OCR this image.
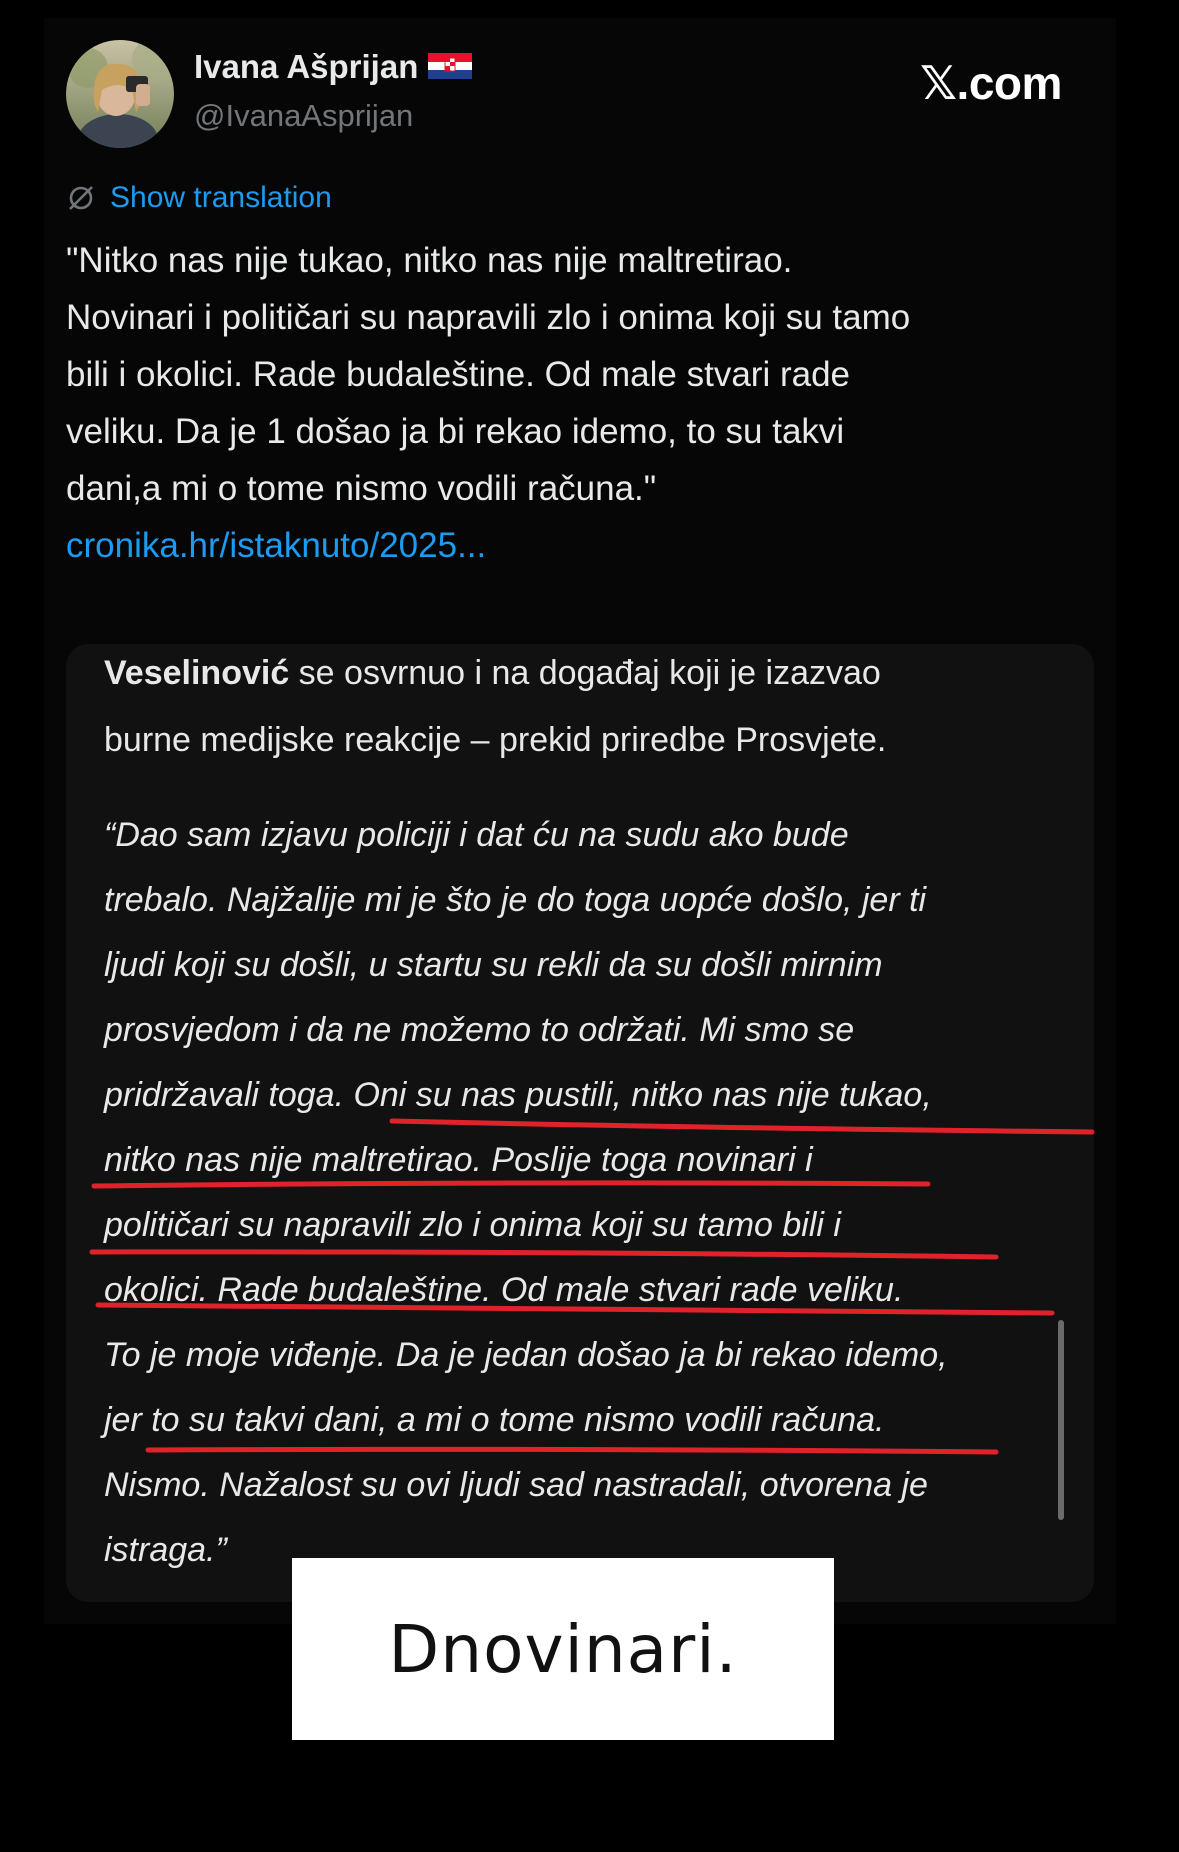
Ivana Ašprijan
@IvanaAsprijan
𝕏.com
Show translation
"Nitko nas nije tukao, nitko nas nije maltretirao.
Novinari i političari su napravili zlo i onima koji su tamo
bili i okolici. Rade budaleštine. Od male stvari rade
veliku. Da je 1 došao ja bi rekao idemo, to su takvi
dani,a mi o tome nismo vodili računa."
cronika.hr/istaknuto/2025...
Veselinović se osvrnuo i na događaj koji je izazvao
burne medijske reakcije – prekid priredbe Prosvjete.
“Dao sam izjavu policiji i dat ću na sudu ako bude
trebalo. Najžalije mi je što je do toga uopće došlo, jer ti
ljudi koji su došli, u startu su rekli da su došli mirnim
prosvjedom i da ne možemo to održati. Mi smo se
pridržavali toga. Oni su nas pustili, nitko nas nije tukao,
nitko nas nije maltretirao. Poslije toga novinari i
političari su napravili zlo i onima koji su tamo bili i
okolici. Rade budaleštine. Od male stvari rade veliku.
To je moje viđenje. Da je jedan došao ja bi rekao idemo,
jer to su takvi dani, a mi o tome nismo vodili računa.
Nismo. Nažalost su ovi ljudi sad nastradali, otvorena je
istraga.”
Dnovinari.
